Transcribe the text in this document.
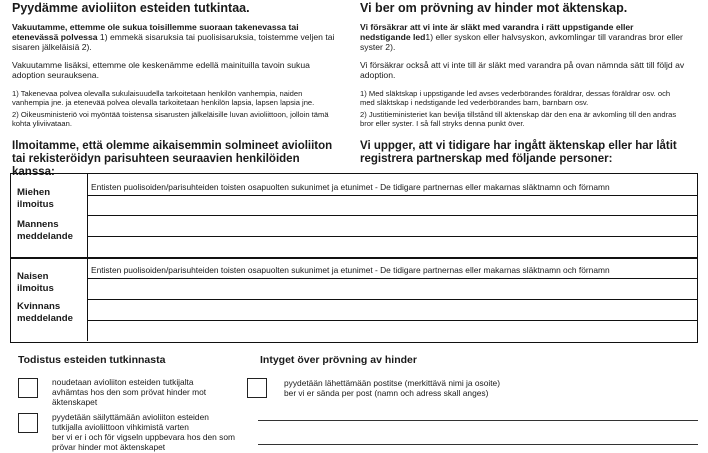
Pyydämme avioliiton esteiden tutkintaa.
Vakuutamme, ettemme ole sukua toisillemme suoraan takenevassa tai etenevässä polvessa 1) emmekä sisaruksia tai puolisisaruksia, toistemme veljen tai sisaren jälkeläisiä 2).
Vakuutamme lisäksi, ettemme ole keskenämme edellä mainituilla tavoin sukua adoption seurauksena.
1) Takenevaa polvea olevalla sukulaisuudella tarkoitetaan henkilön vanhempia, naiden vanhempia jne. ja etenevää polvea olevalla tarkoitetaan henkilön lapsia, lapsen lapsia jne.
2) Oikeusministeriö voi myöntää toistensa sisarusten jälkeläisille luvan avioliittoon, jolloin tämä kohta yliviivataan.
Ilmoitamme, että olemme aikaisemmin solmineet avioliiton tai rekisteröidyn parisuhteen seuraavien henkilöiden kanssa:
Vi ber om prövning av hinder mot äktenskap.
Vi försäkrar att vi inte är släkt med varandra i rätt uppstigande eller nedstigande led1) eller syskon eller halvsyskon, avkomlingar till varandras bror eller syster 2).
Vi försäkrar också att vi inte till är släkt med varandra på ovan nämnda sätt till följd av adoption.
1) Med släktskap i uppstigande led avses vederbörandes föräldrar, dessas föräldrar osv. och med släktskap i nedstigande led vederbörandes barn, barnbarn osv.
2) Justitieministeriet kan bevilja tillstånd till äktenskap där den ena är avkomling till den andras bror eller syster. I så fall stryks denna punkt över.
Vi uppger, att vi tidigare har ingått äktenskap eller har låtit registrera partnerskap med följande personer:
Miehen ilmoitus
Mannens meddelande
Entisten puolisoiden/parisuhteiden toisten osapuolten sukunimet ja etunimet - De tidigare partnernas eller makarnas släktnamn och förnamn
Naisen ilmoitus
Kvinnans meddelande
Entisten puolisoiden/parisuhteiden toisten osapuolten sukunimet ja etunimet - De tidigare partnernas eller makarnas släktnamn och förnamn
Todistus esteiden tutkinnasta
noudetaan avioliiton esteiden tutkijalta
avhämtas hos den som prövat hinder mot äktenskapet
pyydetään säilyttämään avioliiton esteiden tutkijalla avioliittoon vihkimistä varten
ber vi er i och för vigseln uppbevara hos den som prövar hinder mot äktenskapet
Intyget över prövning av hinder
pyydetään lähettämään postitse (merkittävä nimi ja osoite)
ber vi er sända per post (namn och adress skall anges)
